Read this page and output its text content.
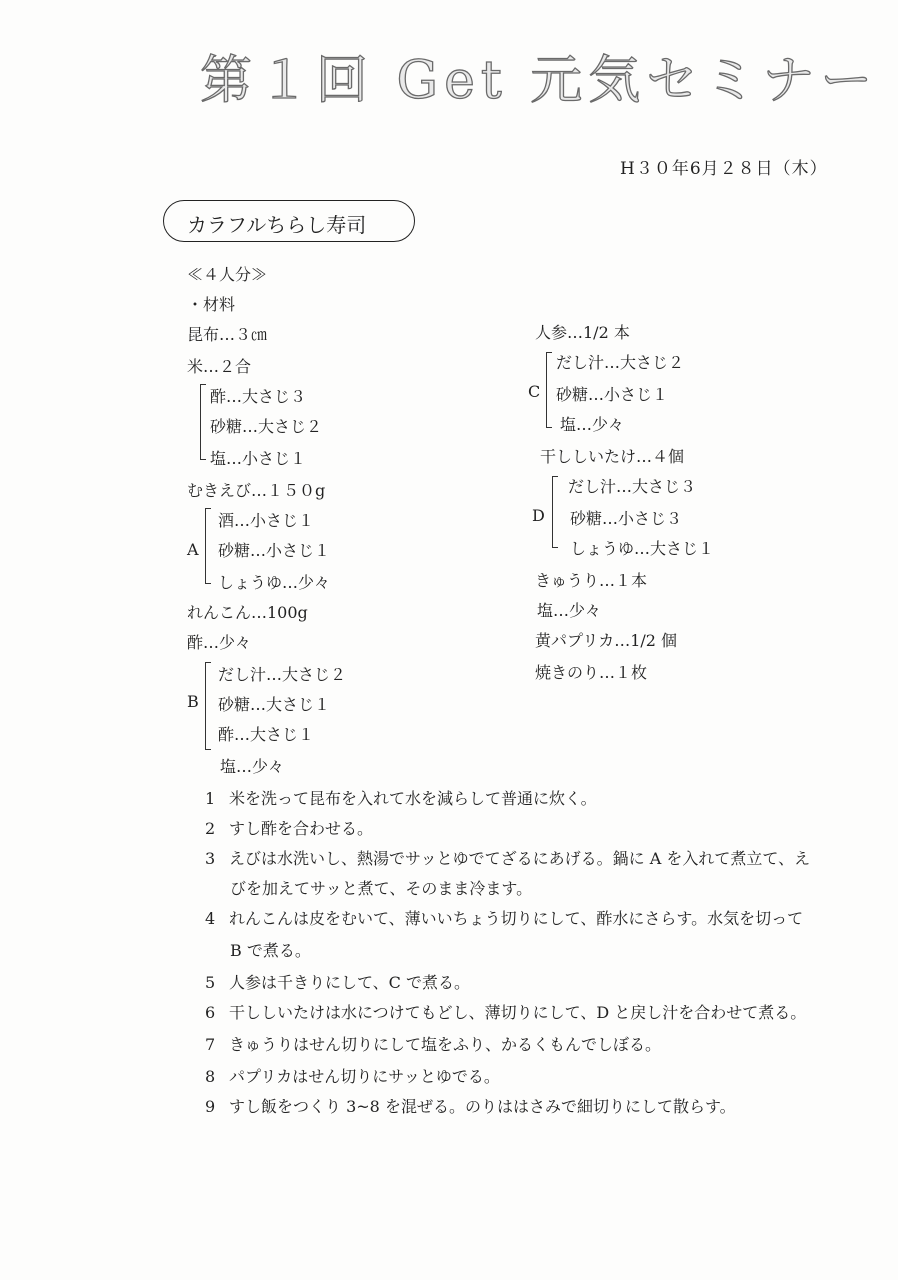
第１回 Get 元気セミナー
H３０年6月２８日（木）
カラフルちらし寿司
≪４人分≫
・材料
昆布…３㎝
米…２合
酢…大さじ３
砂糖…大さじ２
塩…小さじ１
むきえび…１５０g
A
酒…小さじ１
砂糖…小さじ１
しょうゆ…少々
れんこん…100g
酢…少々
B
だし汁…大さじ２
砂糖…大さじ１
酢…大さじ１
塩…少々
人参…1/2 本
C
だし汁…大さじ２
砂糖…小さじ１
塩…少々
干ししいたけ…４個
D
だし汁…大さじ３
砂糖…小さじ３
しょうゆ…大さじ１
きゅうり…１本
塩…少々
黄パプリカ…1/2 個
焼きのり…１枚
1 米を洗って昆布を入れて水を減らして普通に炊く。
2 すし酢を合わせる。
3 えびは水洗いし、熱湯でサッとゆでてざるにあげる。鍋に A を入れて煮立て、え
びを加えてサッと煮て、そのまま冷ます。
4 れんこんは皮をむいて、薄いいちょう切りにして、酢水にさらす。水気を切って
B で煮る。
5 人参は千きりにして、C で煮る。
6 干ししいたけは水につけてもどし、薄切りにして、D と戻し汁を合わせて煮る。
7 きゅうりはせん切りにして塩をふり、かるくもんでしぼる。
8 パプリカはせん切りにサッとゆでる。
9 すし飯をつくり 3~8 を混ぜる。のりははさみで細切りにして散らす。
